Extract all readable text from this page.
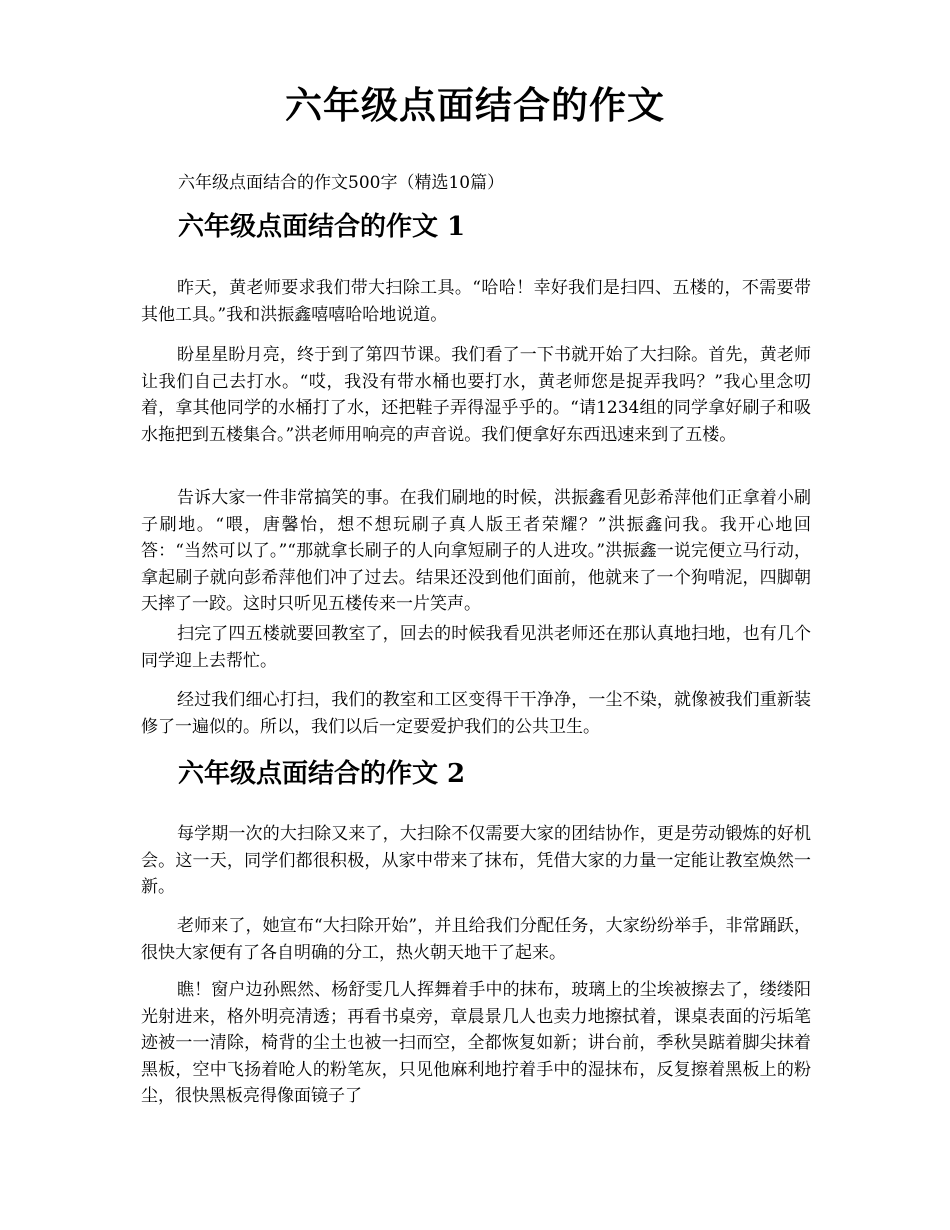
六年级点面结合的作文

六年级点面结合的作文500字（精选10篇）

六年级点面结合的作文 1

昨天，黄老师要求我们带大扫除工具。“哈哈！幸好我们是扫四、五楼的，不需要带其他工具。”我和洪振鑫嘻嘻哈哈地说道。

盼星星盼月亮，终于到了第四节课。我们看了一下书就开始了大扫除。首先，黄老师让我们自己去打水。“哎，我没有带水桶也要打水，黄老师您是捉弄我吗？”我心里念叨着，拿其他同学的水桶打了水，还把鞋子弄得湿乎乎的。“请1234组的同学拿好刷子和吸水拖把到五楼集合。”洪老师用响亮的声音说。我们便拿好东西迅速来到了五楼。

告诉大家一件非常搞笑的事。在我们刷地的时候，洪振鑫看见彭希萍他们正拿着小刷子刷地。“喂，唐馨怡，想不想玩刷子真人版王者荣耀？”洪振鑫问我。我开心地回答：“当然可以了。”“那就拿长刷子的人向拿短刷子的人进攻。”洪振鑫一说完便立马行动，拿起刷子就向彭希萍他们冲了过去。结果还没到他们面前，他就来了一个狗啃泥，四脚朝天摔了一跤。这时只听见五楼传来一片笑声。

扫完了四五楼就要回教室了，回去的时候我看见洪老师还在那认真地扫地，也有几个同学迎上去帮忙。

经过我们细心打扫，我们的教室和工区变得干干净净，一尘不染，就像被我们重新装修了一遍似的。所以，我们以后一定要爱护我们的公共卫生。

六年级点面结合的作文 2

每学期一次的大扫除又来了，大扫除不仅需要大家的团结协作，更是劳动锻炼的好机会。这一天，同学们都很积极，从家中带来了抹布，凭借大家的力量一定能让教室焕然一新。

老师来了，她宣布“大扫除开始”，并且给我们分配任务，大家纷纷举手，非常踊跃，很快大家便有了各自明确的分工，热火朝天地干了起来。

瞧！窗户边孙熙然、杨舒雯几人挥舞着手中的抹布，玻璃上的尘埃被擦去了，缕缕阳光射进来，格外明亮清透；再看书桌旁，章晨景几人也卖力地擦拭着，课桌表面的污垢笔迹被一一清除，椅背的尘土也被一扫而空，全都恢复如新；讲台前，季秋昊踮着脚尖抹着黑板，空中飞扬着呛人的粉笔灰，只见他麻利地拧着手中的湿抹布，反复擦着黑板上的粉尘，很快黑板亮得像面镜子了
